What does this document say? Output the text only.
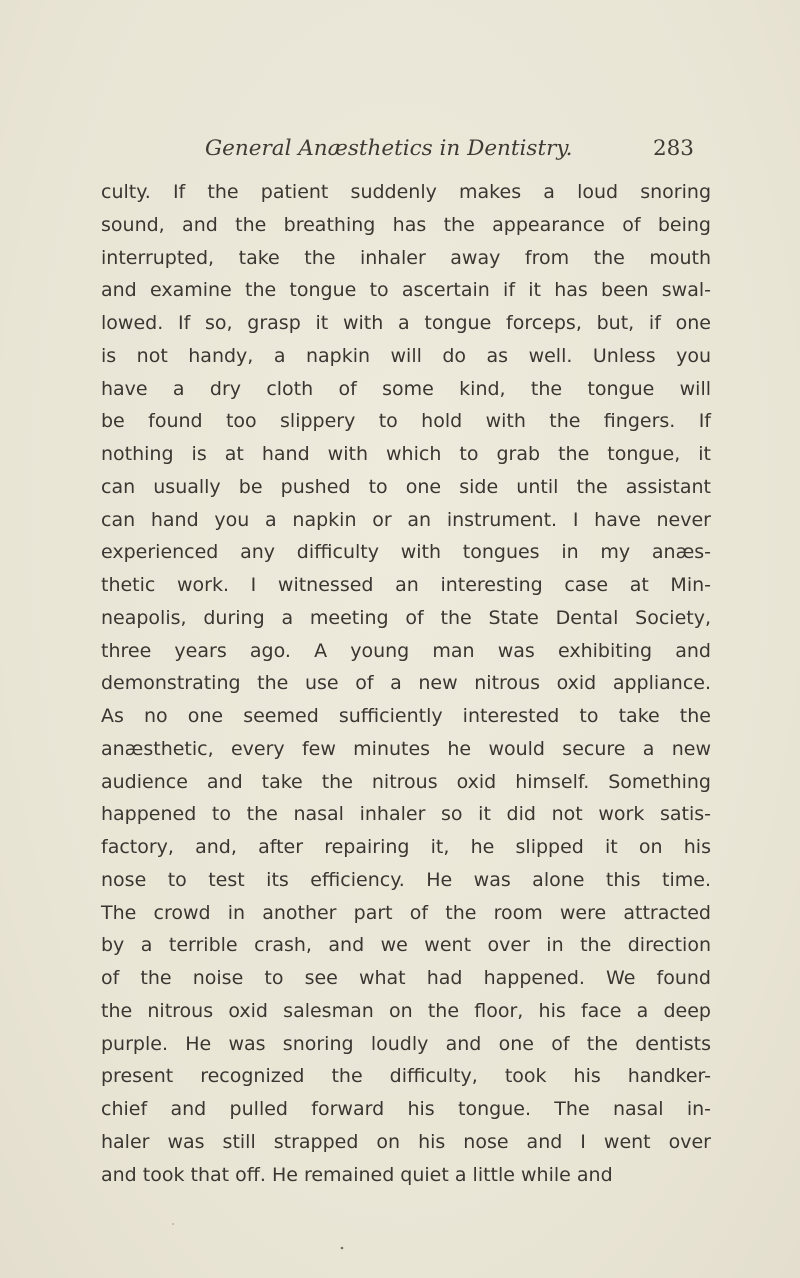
General Anæsthetics in Dentistry.	283
culty. If the patient suddenly makes a loud snoring
sound, and the breathing has the appearance of being
interrupted, take the inhaler away from the mouth
and examine the tongue to ascertain if it has been swal-
lowed. If so, grasp it with a tongue forceps, but, if one
is not handy, a napkin will do as well. Unless you
have a dry cloth of some kind, the tongue will
be found too slippery to hold with the fingers. If
nothing is at hand with which to grab the tongue, it
can usually be pushed to one side until the assistant
can hand you a napkin or an instrument. I have never
experienced any difficulty with tongues in my anæs-
thetic work. I witnessed an interesting case at Min-
neapolis, during a meeting of the State Dental Society,
three years ago. A young man was exhibiting and
demonstrating the use of a new nitrous oxid appliance.
As no one seemed sufficiently interested to take the
anæsthetic, every few minutes he would secure a new
audience and take the nitrous oxid himself. Something
happened to the nasal inhaler so it did not work satis-
factory, and, after repairing it, he slipped it on his
nose to test its efficiency. He was alone this time.
The crowd in another part of the room were attracted
by a terrible crash, and we went over in the direction
of the noise to see what had happened. We found
the nitrous oxid salesman on the floor, his face a deep
purple. He was snoring loudly and one of the dentists
present recognized the difficulty, took his handker-
chief and pulled forward his tongue. The nasal in-
haler was still strapped on his nose and I went over
and took that off. He remained quiet a little while and
